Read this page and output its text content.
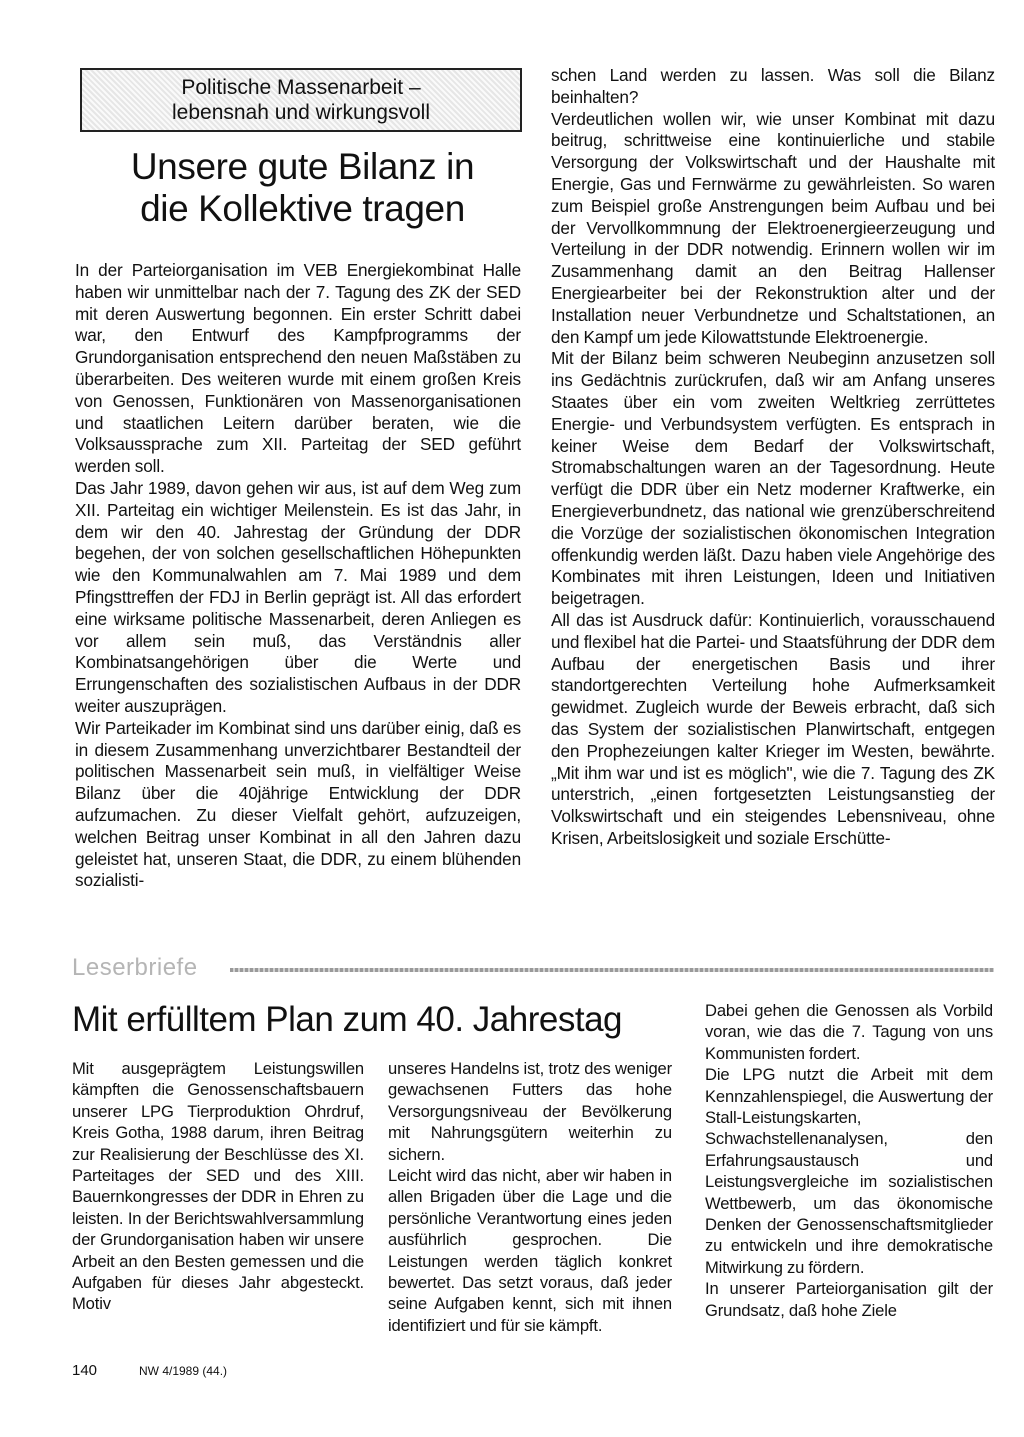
Politische Massenarbeit –
lebensnah und wirkungsvoll
Unsere gute Bilanz in
die Kollektive tragen

In der Parteiorganisation im VEB Energiekombinat Halle haben wir unmittelbar nach der 7. Tagung des ZK der SED mit deren Auswertung begonnen. Ein erster Schritt dabei war, den Entwurf des Kampfprogramms der Grundorganisation entsprechend den neuen Maßstäben zu überarbeiten. Des weiteren wurde mit einem großen Kreis von Genossen, Funktionären von Massenorganisationen und staatlichen Leitern darüber beraten, wie die Volksaussprache zum XII. Parteitag der SED geführt werden soll.

Das Jahr 1989, davon gehen wir aus, ist auf dem Weg zum XII. Parteitag ein wichtiger Meilenstein. Es ist das Jahr, in dem wir den 40. Jahrestag der Gründung der DDR begehen, der von solchen gesellschaftlichen Höhepunkten wie den Kommunalwahlen am 7. Mai 1989 und dem Pfingsttreffen der FDJ in Berlin geprägt ist. All das erfordert eine wirksame politische Massenarbeit, deren Anliegen es vor allem sein muß, das Verständnis aller Kombinatsangehörigen über die Werte und Errungenschaften des sozialistischen Aufbaus in der DDR weiter auszuprägen.

Wir Parteikader im Kombinat sind uns darüber einig, daß es in diesem Zusammenhang unverzichtbarer Bestandteil der politischen Massenarbeit sein muß, in vielfältiger Weise Bilanz über die 40jährige Entwicklung der DDR aufzumachen. Zu dieser Vielfalt gehört, aufzuzeigen, welchen Beitrag unser Kombinat in all den Jahren dazu geleistet hat, unseren Staat, die DDR, zu einem blühenden sozialisti-

schen Land werden zu lassen. Was soll die Bilanz beinhalten?

Verdeutlichen wollen wir, wie unser Kombinat mit dazu beitrug, schrittweise eine kontinuierliche und stabile Versorgung der Volkswirtschaft und der Haushalte mit Energie, Gas und Fernwärme zu gewährleisten. So waren zum Beispiel große Anstrengungen beim Aufbau und bei der Vervollkommnung der Elektroenergieerzeugung und Verteilung in der DDR notwendig. Erinnern wollen wir im Zusammenhang damit an den Beitrag Hallenser Energiearbeiter bei der Rekonstruktion alter und der Installation neuer Verbundnetze und Schaltstationen, an den Kampf um jede Kilowattstunde Elektroenergie.

Mit der Bilanz beim schweren Neubeginn anzusetzen soll ins Gedächtnis zurückrufen, daß wir am Anfang unseres Staates über ein vom zweiten Weltkrieg zerrüttetes Energie- und Verbundsystem verfügten. Es entsprach in keiner Weise dem Bedarf der Volkswirtschaft, Stromabschaltungen waren an der Tagesordnung. Heute verfügt die DDR über ein Netz moderner Kraftwerke, ein Energieverbundnetz, das national wie grenzüberschreitend die Vorzüge der sozialistischen ökonomischen Integration offenkundig werden läßt. Dazu haben viele Angehörige des Kombinates mit ihren Leistungen, Ideen und Initiativen beigetragen.

All das ist Ausdruck dafür: Kontinuierlich, vorausschauend und flexibel hat die Partei- und Staatsführung der DDR dem Aufbau der energetischen Basis und ihrer standortgerechten Verteilung hohe Aufmerksamkeit gewidmet. Zugleich wurde der Beweis erbracht, daß sich das System der sozialistischen Planwirtschaft, entgegen den Prophezeiungen kalter Krieger im Westen, bewährte. „Mit ihm war und ist es möglich", wie die 7. Tagung des ZK unterstrich, „einen fortgesetzten Leistungsanstieg der Volkswirtschaft und ein steigendes Lebensniveau, ohne Krisen, Arbeitslosigkeit und soziale Erschütte-

Leserbriefe
Mit erfülltem Plan zum 40. Jahrestag

Mit ausgeprägtem Leistungswillen kämpften die Genossenschaftsbauern unserer LPG Tierproduktion Ohrdruf, Kreis Gotha, 1988 darum, ihren Beitrag zur Realisierung der Beschlüsse des XI. Parteitages der SED und des XIII. Bauernkongresses der DDR in Ehren zu leisten. In der Berichtswahlversammlung der Grundorganisation haben wir unsere Arbeit an den Besten gemessen und die Aufgaben für dieses Jahr abgesteckt. Motiv

unseres Handelns ist, trotz des weniger gewachsenen Futters das hohe Versorgungsniveau der Bevölkerung mit Nahrungsgütern weiterhin zu sichern.

Leicht wird das nicht, aber wir haben in allen Brigaden über die Lage und die persönliche Verantwortung eines jeden ausführlich gesprochen. Die Leistungen werden täglich konkret bewertet. Das setzt voraus, daß jeder seine Aufgaben kennt, sich mit ihnen identifiziert und für sie kämpft.

Dabei gehen die Genossen als Vorbild voran, wie das die 7. Tagung von uns Kommunisten fordert.

Die LPG nutzt die Arbeit mit dem Kennzahlenspiegel, die Auswertung der Stall-Leistungskarten, Schwachstellenanalysen, den Erfahrungsaustausch und Leistungsvergleiche im sozialistischen Wettbewerb, um das ökonomische Denken der Genossenschaftsmitglieder zu entwickeln und ihre demokratische Mitwirkung zu fördern.

In unserer Parteiorganisation gilt der Grundsatz, daß hohe Ziele

140	NW 4/1989 (44.)
